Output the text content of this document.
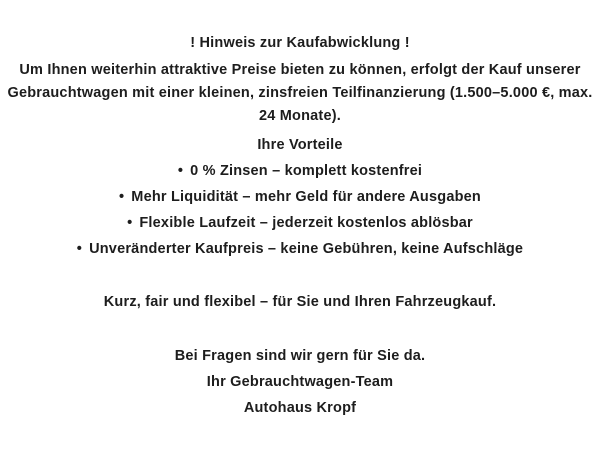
! Hinweis zur Kaufabwicklung !
Um Ihnen weiterhin attraktive Preise bieten zu können, erfolgt der Kauf unserer Gebrauchtwagen mit einer kleinen, zinsfreien Teilfinanzierung (1.500–5.000 €, max. 24 Monate).
Ihre Vorteile
• 0 % Zinsen – komplett kostenfrei
• Mehr Liquidität – mehr Geld für andere Ausgaben
• Flexible Laufzeit – jederzeit kostenlos ablösbar
• Unveränderter Kaufpreis – keine Gebühren, keine Aufschläge
Kurz, fair und flexibel – für Sie und Ihren Fahrzeugkauf.
Bei Fragen sind wir gern für Sie da.
Ihr Gebrauchtwagen-Team
Autohaus Kropf
